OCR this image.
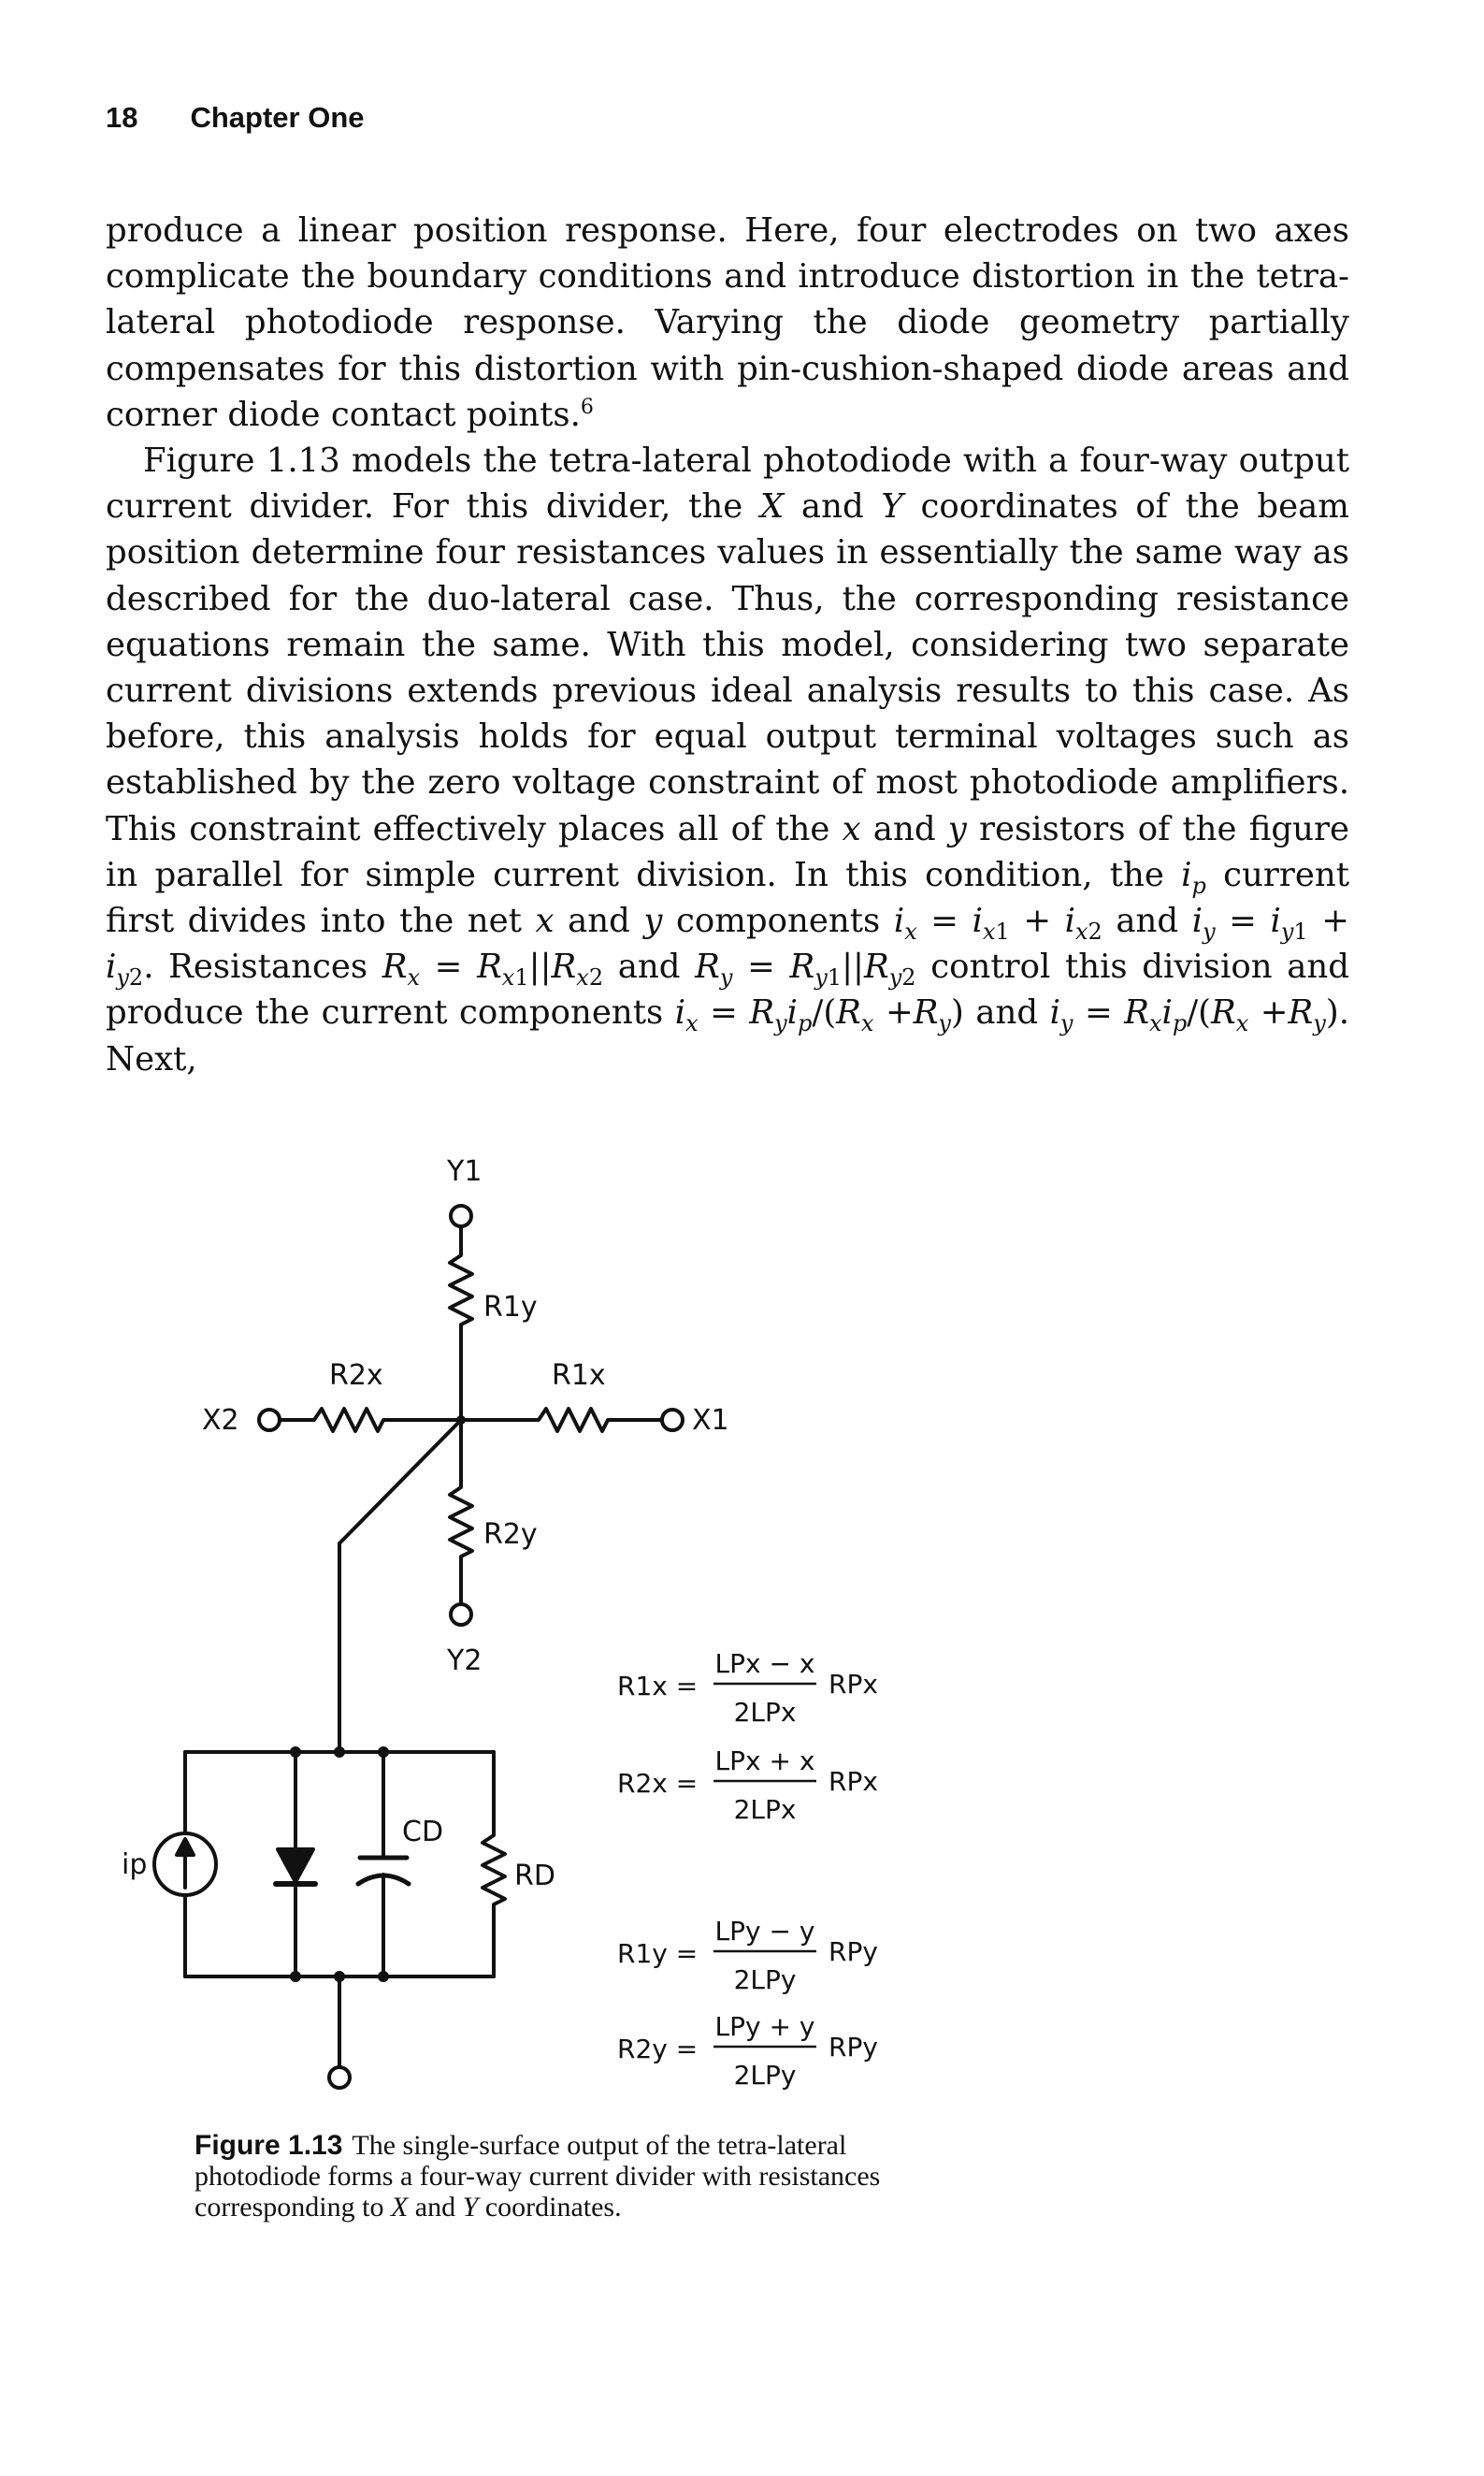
18 Chapter One

produce a linear position response. Here, four electrodes on two axes complicate the boundary conditions and introduce distortion in the tetra-lateral photodiode response. Varying the diode geometry partially compensates for this distortion with pin-cushion-shaped diode areas and corner diode contact points.$^6$

Figure 1.13 models the tetra-lateral photodiode with a four-way output current divider. For this divider, the X and Y coordinates of the beam position determine four resistances values in essentially the same way as described for the duo-lateral case. Thus, the corresponding resistance equations remain the same. With this model, considering two separate current divisions extends previous ideal analysis results to this case. As before, this analysis holds for equal output terminal voltages such as established by the zero voltage constraint of most photodiode amplifiers. This constraint effectively places all of the x and y resistors of the figure in parallel for simple current division. In this condition, the $i_p$ current first divides into the net x and y components $i_x = i_{x1} + i_{x2}$ and $i_y = i_{y1} + i_{y2}$. Resistances $R_x = R_{x1}||R_{x2}$ and $R_y = R_{y1}||R_{y2}$ control this division and produce the current components $i_x = R_yi_p/(R_x +R_y)$ and $i_y = R_xi_p/(R_x +R_y)$. Next,

Y1
R1y
R2x	R1x
X2	X1
R2y
Y2
CD
RD
ip
R1x =
LPx − x
2LPx
RPx
R2x =
LPx + x
2LPx
RPx
R1y =
LPy − y
2LPy
RPy
R2y =
LPy + y
2LPy
RPy
Figure 1.13 The single-surface output of the tetra-lateral photodiode forms a four-way current divider with resistances corresponding to X and Y coordinates.
